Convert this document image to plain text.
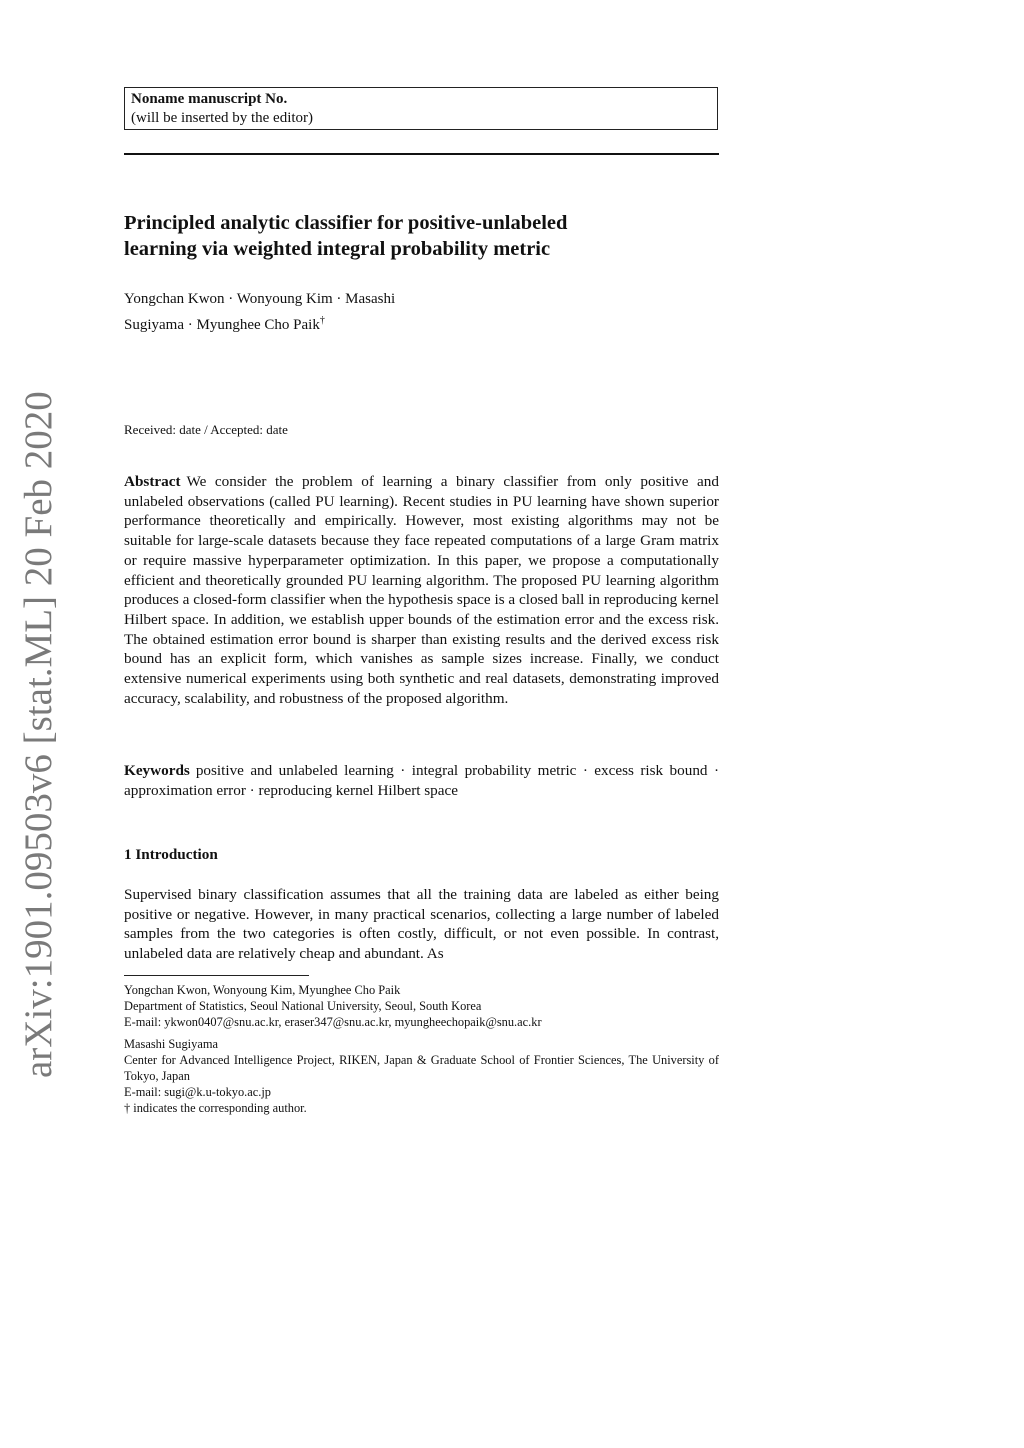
Noname manuscript No.
(will be inserted by the editor)
Principled analytic classifier for positive-unlabeled
learning via weighted integral probability metric
Yongchan Kwon · Wonyoung Kim · Masashi
Sugiyama · Myunghee Cho Paik†
Received: date / Accepted: date
Abstract We consider the problem of learning a binary classifier from only positive and unlabeled observations (called PU learning). Recent studies in PU learning have shown superior performance theoretically and empirically. However, most existing algorithms may not be suitable for large-scale datasets because they face repeated computations of a large Gram matrix or require massive hyperparameter optimization. In this paper, we propose a computationally efficient and theoretically grounded PU learning algorithm. The proposed PU learning algorithm produces a closed-form classifier when the hypothesis space is a closed ball in reproducing kernel Hilbert space. In addition, we establish upper bounds of the estimation error and the excess risk. The obtained estimation error bound is sharper than existing results and the derived excess risk bound has an explicit form, which vanishes as sample sizes increase. Finally, we conduct extensive numerical experiments using both synthetic and real datasets, demonstrating improved accuracy, scalability, and robustness of the proposed algorithm.
Keywords positive and unlabeled learning · integral probability metric · excess risk bound · approximation error · reproducing kernel Hilbert space
1 Introduction
Supervised binary classification assumes that all the training data are labeled as either being positive or negative. However, in many practical scenarios, collecting a large number of labeled samples from the two categories is often costly, difficult, or not even possible. In contrast, unlabeled data are relatively cheap and abundant. As
Yongchan Kwon, Wonyoung Kim, Myunghee Cho Paik
Department of Statistics, Seoul National University, Seoul, South Korea
E-mail: ykwon0407@snu.ac.kr, eraser347@snu.ac.kr, myungheechopaik@snu.ac.kr
Masashi Sugiyama
Center for Advanced Intelligence Project, RIKEN, Japan & Graduate School of Frontier Sciences, The University of Tokyo, Japan
E-mail: sugi@k.u-tokyo.ac.jp
† indicates the corresponding author.
arXiv:1901.09503v6 [stat.ML] 20 Feb 2020
